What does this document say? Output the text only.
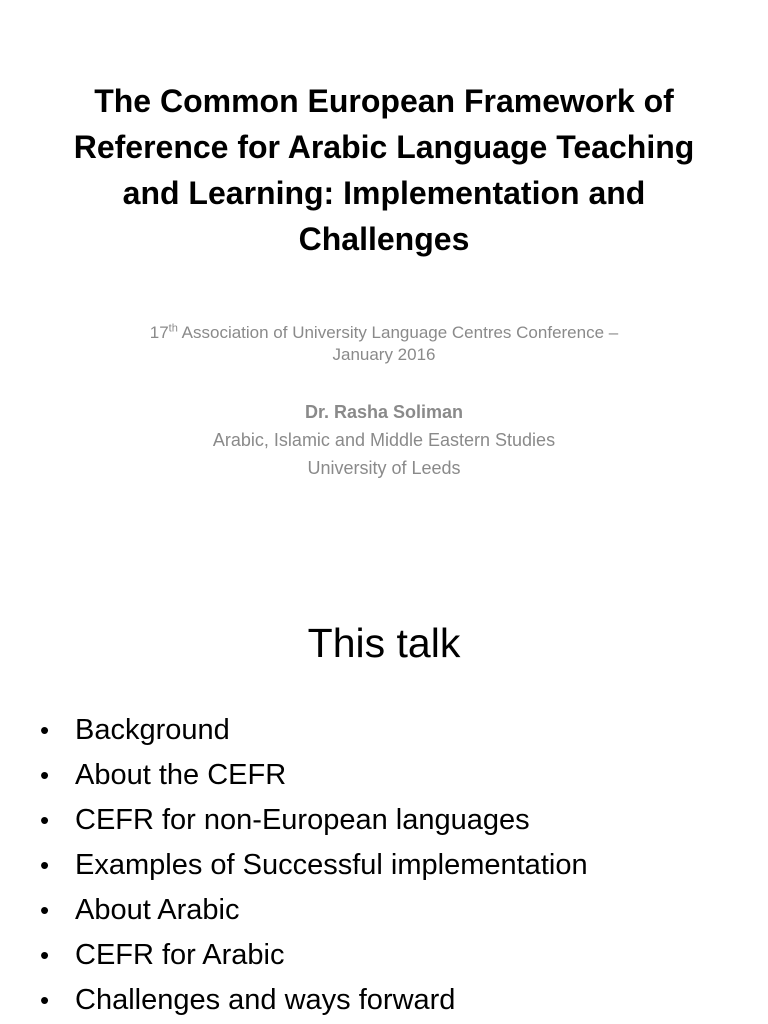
The Common European Framework of
Reference for Arabic Language Teaching
and Learning: Implementation and
Challenges
17th Association of University Language Centres Conference –
January 2016
Dr. Rasha Soliman
Arabic, Islamic and Middle Eastern Studies
University of Leeds
This talk
• Background
• About the CEFR
• CEFR for non-European languages
• Examples of Successful implementation
• About Arabic
• CEFR for Arabic
• Challenges and ways forward
